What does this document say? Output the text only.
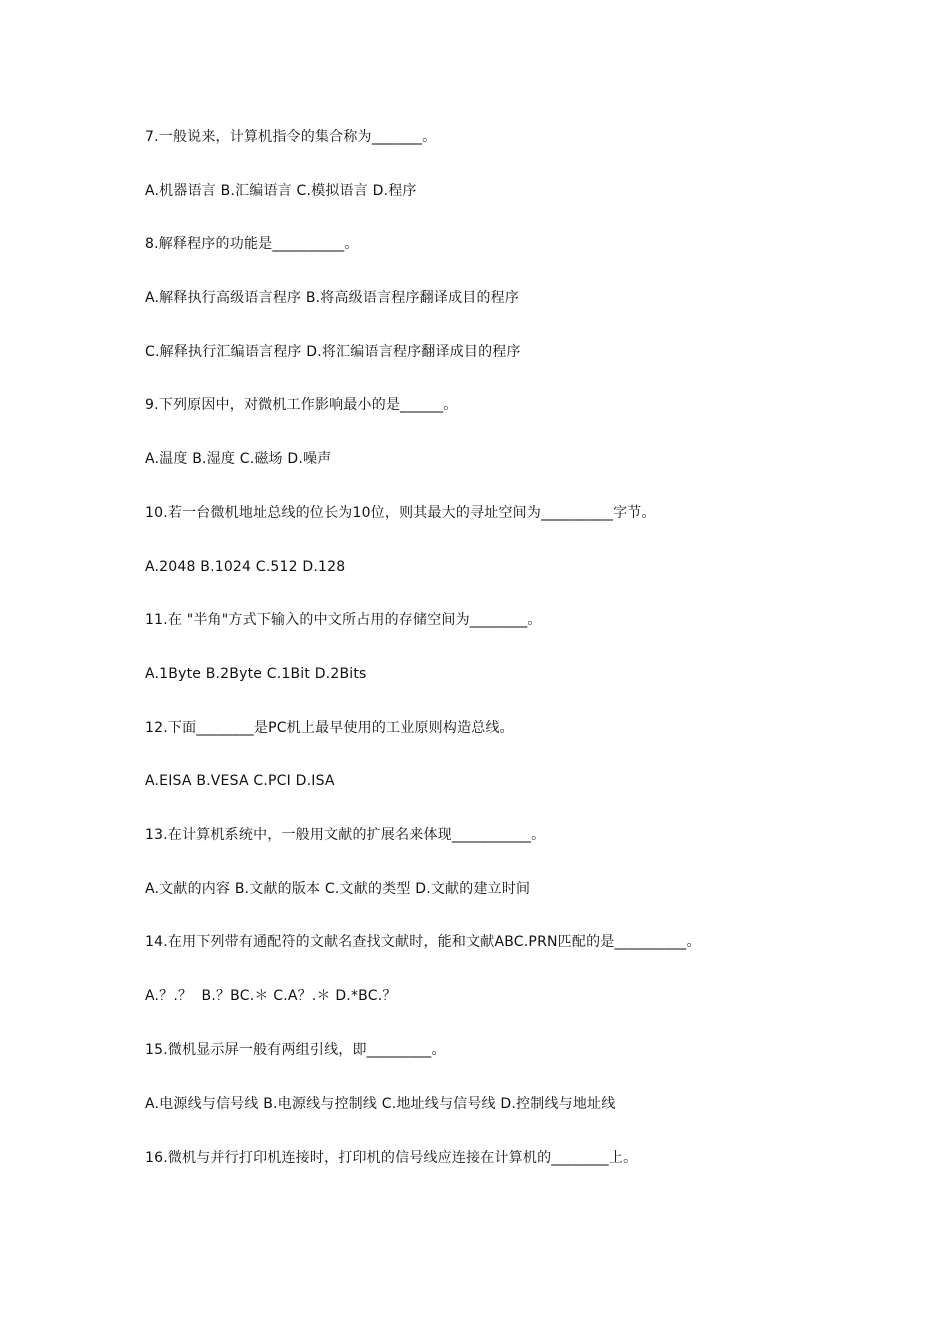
7.一般说来，计算机指令的集合称为_______。
A.机器语言 B.汇编语言 C.模拟语言 D.程序
8.解释程序的功能是__________。
A.解释执行高级语言程序 B.将高级语言程序翻译成目的程序
C.解释执行汇编语言程序 D.将汇编语言程序翻译成目的程序
9.下列原因中，对微机工作影响最小的是______。
A.温度 B.湿度 C.磁场 D.噪声
10.若一台微机地址总线的位长为10位，则其最大的寻址空间为__________字节。
A.2048 B.1024 C.512 D.128
11.在 "半角"方式下输入的中文所占用的存储空间为________。
A.1Byte B.2Byte C.1Bit D.2Bits
12.下面________是PC机上最早使用的工业原则构造总线。
A.EISA B.VESA C.PCI D.ISA
13.在计算机系统中，一般用文献的扩展名来体现___________。
A.文献的内容 B.文献的版本 C.文献的类型 D.文献的建立时间
14.在用下列带有通配符的文献名查找文献时，能和文献ABC.PRN匹配的是__________。
A.？.？  B.？BC.＊ C.A？.＊ D.*BC.？
15.微机显示屏一般有两组引线，即_________。
A.电源线与信号线 B.电源线与控制线 C.地址线与信号线 D.控制线与地址线
16.微机与并行打印机连接时，打印机的信号线应连接在计算机的________上。
